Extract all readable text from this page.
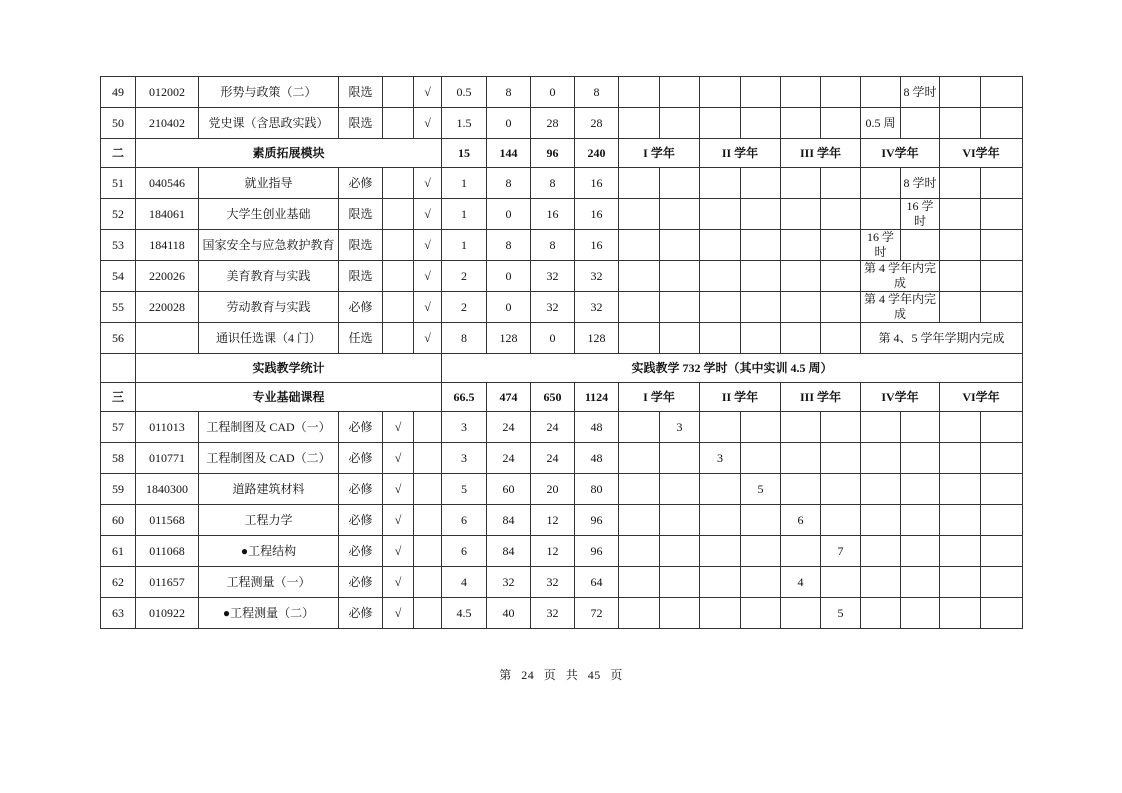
49	012002	形势与政策（二）	限选		√	0.5	8	0	8								8 学时		
50	210402	党史课（含思政实践）	限选		√	1.5	0	28	28							0.5 周			
二	素质拓展模块					15	144	96	240	I 学年		II 学年		III 学年		IV学年		VI学年	
51	040546	就业指导	必修		√	1	8	8	16								8 学时		
52	184061	大学生创业基础	限选		√	1	0	16	16								16 学时		
53	184118	国家安全与应急救护教育	限选		√	1	8	8	16							16 学时			
54	220026	美育教育与实践	限选		√	2	0	32	32							第 4 学年内完成			
55	220028	劳动教育与实践	必修		√	2	0	32	32							第 4 学年内完成			
56		通识任选课（4 门）	任选		√	8	128	0	128							第 4、5 学年学期内完成			
	实践教学统计					实践教学 732 学时（其中实训 4.5 周）													
三	专业基础课程					66.5	474	650	1124	I 学年		II 学年		III 学年		IV学年		VI学年	
57	011013	工程制图及 CAD（一）	必修	√		3	24	24	48		3								
58	010771	工程制图及 CAD（二）	必修	√		3	24	24	48			3							
59	1840300	道路建筑材料	必修	√		5	60	20	80				5						
60	011568	工程力学	必修	√		6	84	12	96					6					
61	011068	●工程结构	必修	√		6	84	12	96						7				
62	011657	工程测量（一）	必修	√		4	32	32	64					4					
63	010922	●工程测量（二）	必修	√		4.5	40	32	72						5				
第 24 页 共 45 页
